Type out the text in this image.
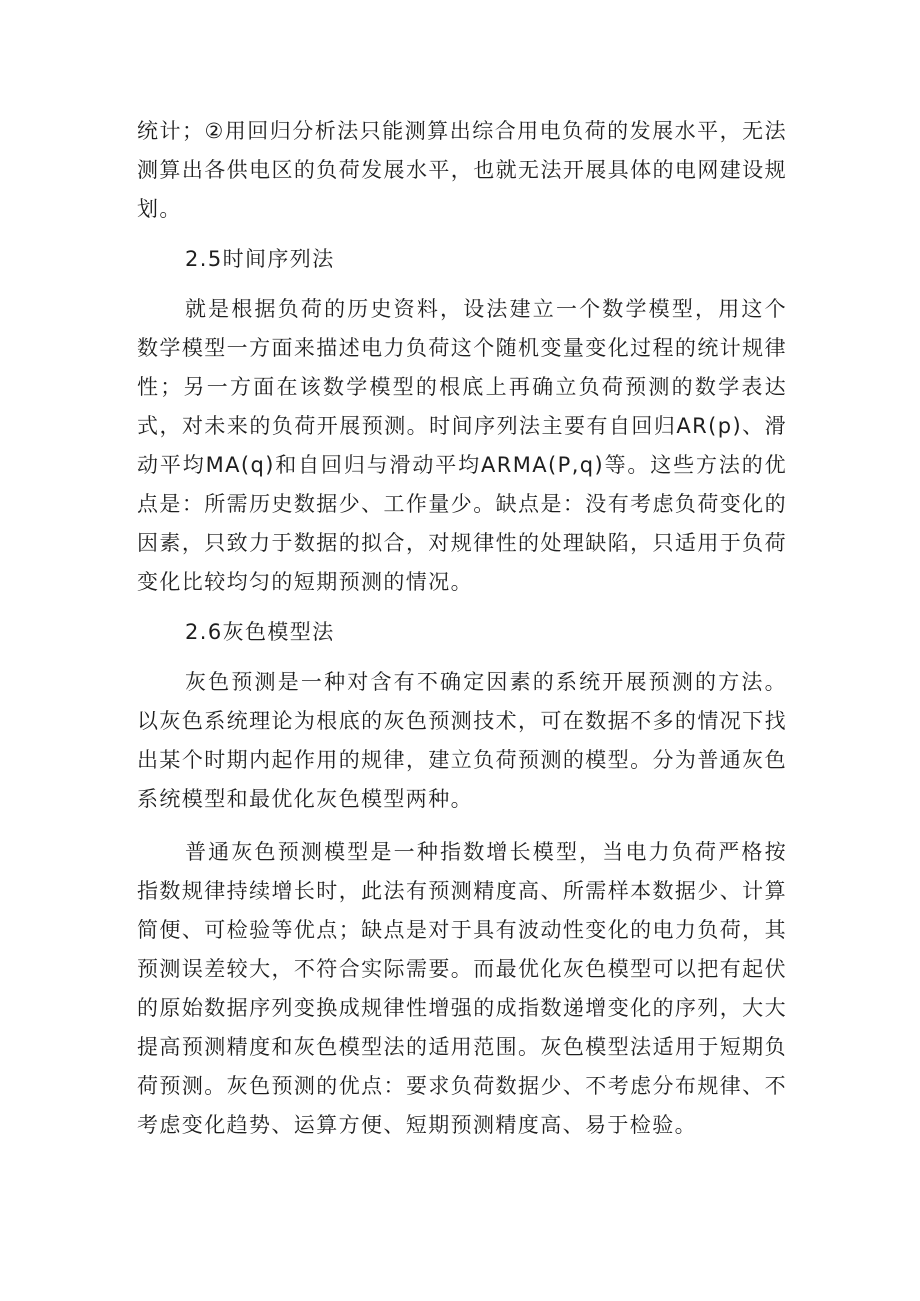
统计；②用回归分析法只能测算出综合用电负荷的发展水平，无法测算出各供电区的负荷发展水平，也就无法开展具体的电网建设规划。

2.5时间序列法

就是根据负荷的历史资料，设法建立一个数学模型，用这个数学模型一方面来描述电力负荷这个随机变量变化过程的统计规律性；另一方面在该数学模型的根底上再确立负荷预测的数学表达式，对未来的负荷开展预测。时间序列法主要有自回归AR(p)、滑动平均MA(q)和自回归与滑动平均ARMA(P,q)等。这些方法的优点是：所需历史数据少、工作量少。缺点是：没有考虑负荷变化的因素，只致力于数据的拟合，对规律性的处理缺陷，只适用于负荷变化比较均匀的短期预测的情况。

2.6灰色模型法

灰色预测是一种对含有不确定因素的系统开展预测的方法。以灰色系统理论为根底的灰色预测技术，可在数据不多的情况下找出某个时期内起作用的规律，建立负荷预测的模型。分为普通灰色系统模型和最优化灰色模型两种。

普通灰色预测模型是一种指数增长模型，当电力负荷严格按指数规律持续增长时，此法有预测精度高、所需样本数据少、计算简便、可检验等优点；缺点是对于具有波动性变化的电力负荷，其预测误差较大，不符合实际需要。而最优化灰色模型可以把有起伏的原始数据序列变换成规律性增强的成指数递增变化的序列，大大提高预测精度和灰色模型法的适用范围。灰色模型法适用于短期负荷预测。灰色预测的优点：要求负荷数据少、不考虑分布规律、不考虑变化趋势、运算方便、短期预测精度高、易于检验。
